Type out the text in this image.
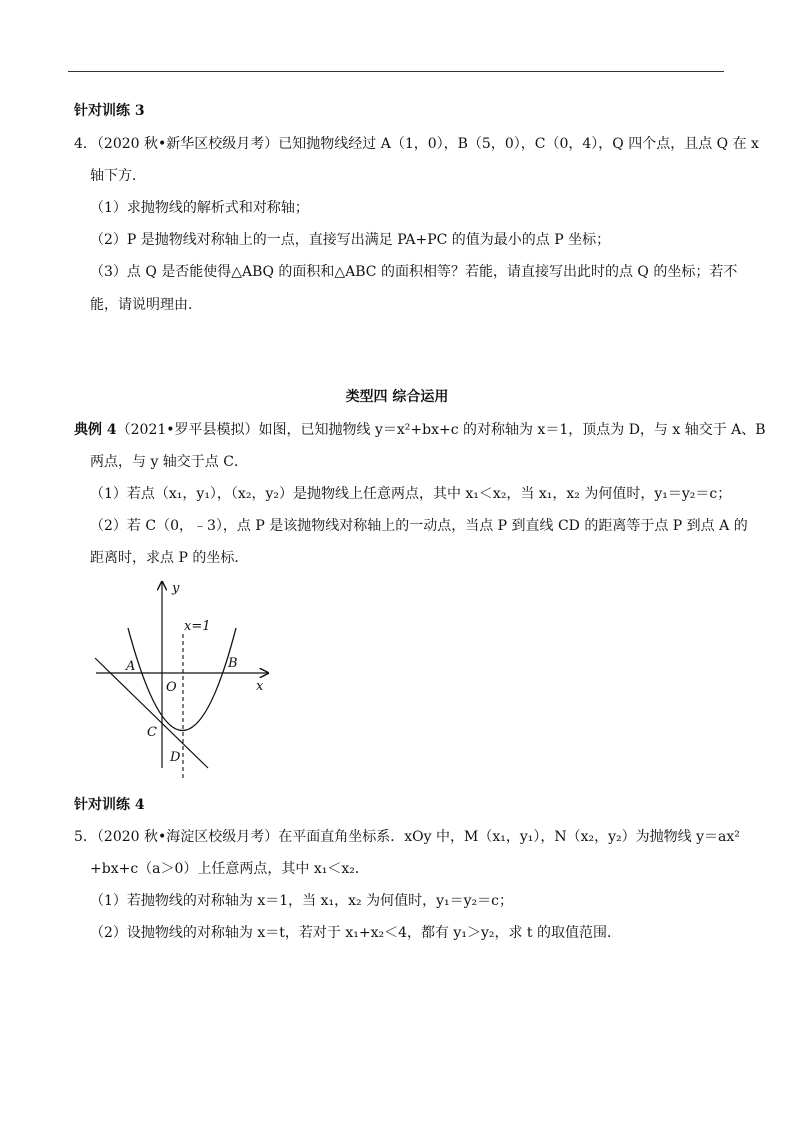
针对训练 3
4．（2020 秋•新华区校级月考）已知抛物线经过 A（1，0），B（5，0），C（0，4），Q 四个点，且点 Q 在 x
轴下方．
（1）求抛物线的解析式和对称轴；
（2）P 是抛物线对称轴上的一点，直接写出满足 PA+PC 的值为最小的点 P 坐标；
（3）点 Q 是否能使得△ABQ 的面积和△ABC 的面积相等？若能，请直接写出此时的点 Q 的坐标；若不
能，请说明理由．
类型四 综合运用
典例 4（2021•罗平县模拟）如图，已知抛物线 y＝x²+bx+c 的对称轴为 x＝1，顶点为 D，与 x 轴交于 A、B
两点，与 y 轴交于点 C．
（1）若点（x₁，y₁），（x₂，y₂）是抛物线上任意两点，其中 x₁＜x₂，当 x₁，x₂ 为何值时，y₁＝y₂＝c；
（2）若 C（0，﹣3），点 P 是该抛物线对称轴上的一动点，当点 P 到直线 CD 的距离等于点 P 到点 A 的
距离时，求点 P 的坐标．
y
x
x=1
A	B
O
C
D
针对训练 4
5．（2020 秋•海淀区校级月考）在平面直角坐标系．xOy 中，M（x₁，y₁），N（x₂，y₂）为抛物线 y＝ax²
+bx+c（a＞0）上任意两点，其中 x₁＜x₂．
（1）若抛物线的对称轴为 x＝1，当 x₁，x₂ 为何值时，y₁＝y₂＝c；
（2）设抛物线的对称轴为 x＝t，若对于 x₁+x₂＜4，都有 y₁＞y₂，求 t 的取值范围．
